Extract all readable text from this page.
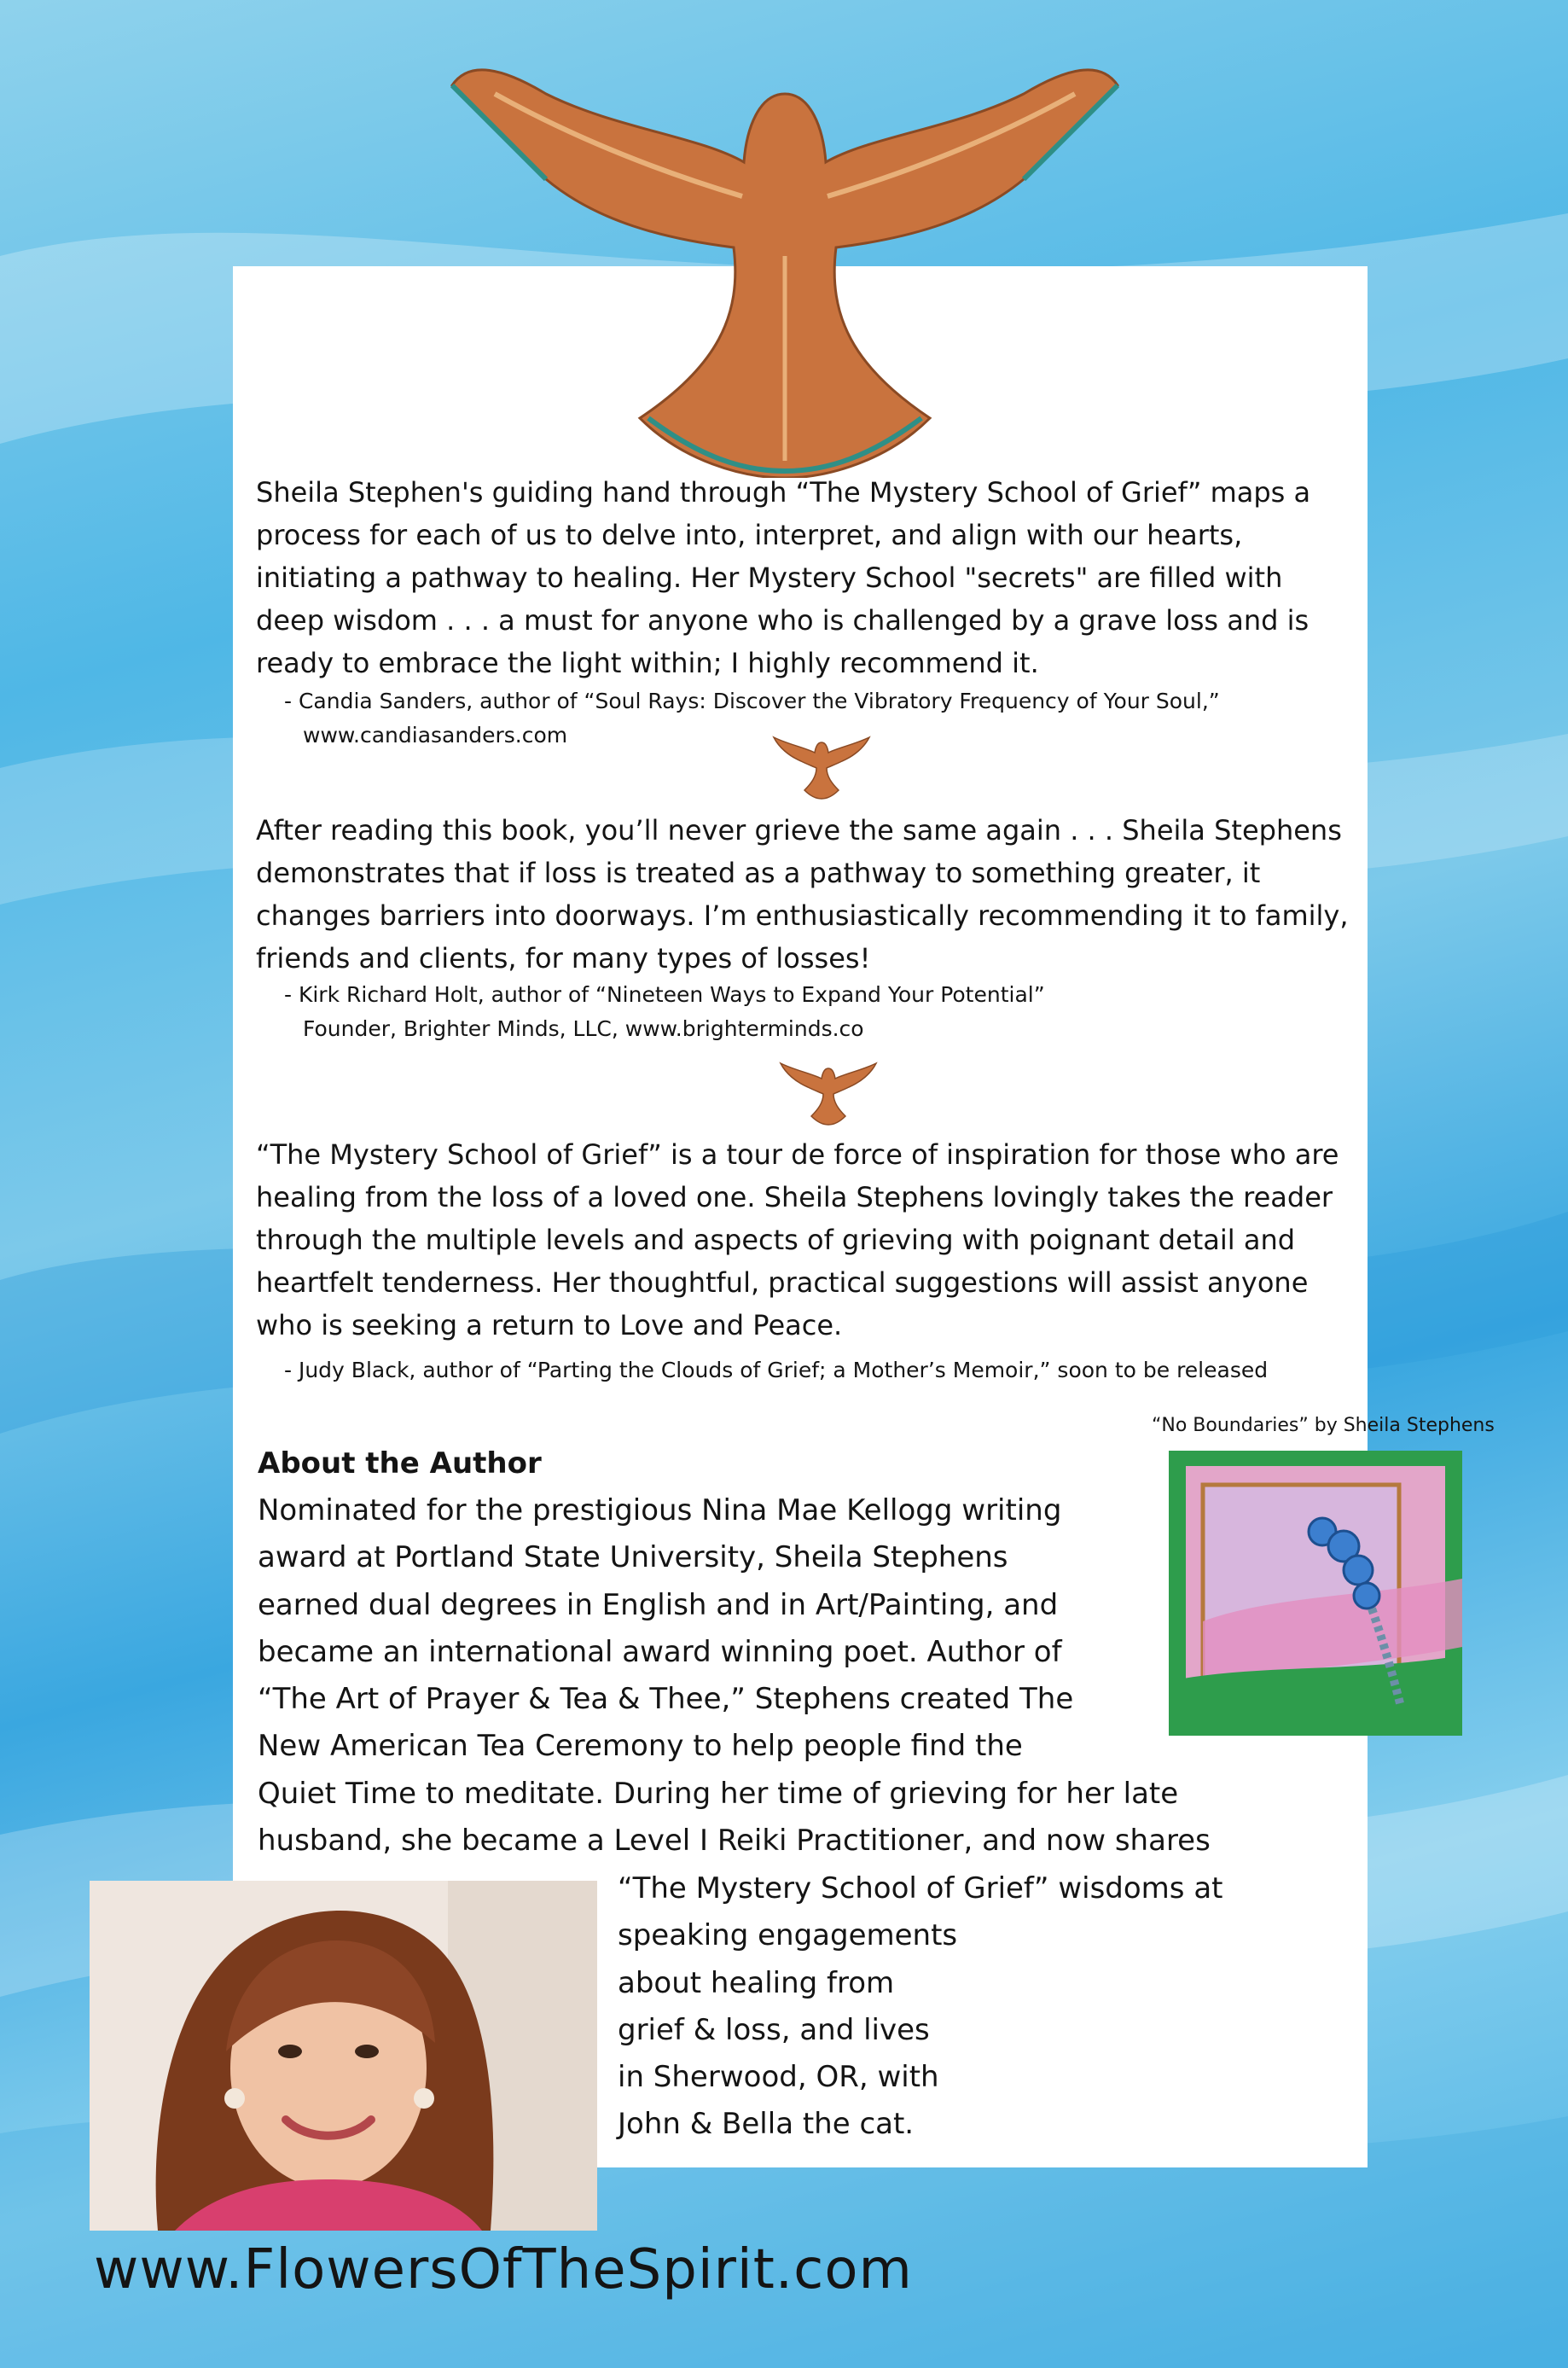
Sheila Stephen's guiding hand through “The Mystery School of Grief” maps a process for each of us to delve into, interpret, and align with our hearts, initiating a pathway to healing. Her Mystery School "secrets" are filled with deep wisdom . . . a must for anyone who is challenged by a grave loss and is ready to embrace the light within; I highly recommend it.

- Candia Sanders, author of “Soul Rays: Discover the Vibratory Frequency of Your Soul,”
www.candiasanders.com

After reading this book, you’ll never grieve the same again . . . Sheila Stephens demonstrates that if loss is treated as a pathway to something greater, it changes barriers into doorways. I’m enthusiastically recommending it to family, friends and clients, for many types of losses!

- Kirk Richard Holt, author of “Nineteen Ways to Expand Your Potential”
Founder, Brighter Minds, LLC, www.brighterminds.co

“The Mystery School of Grief” is a tour de force of inspiration for those who are healing from the loss of a loved one. Sheila Stephens lovingly takes the reader through the multiple levels and aspects of grieving with poignant detail and heartfelt tenderness. Her thoughtful, practical suggestions will assist anyone who is seeking a return to Love and Peace.

- Judy Black, author of “Parting the Clouds of Grief; a Mother’s Memoir,” soon to be released

“No Boundaries” by Sheila Stephens

About the Author

Nominated for the prestigious Nina Mae Kellogg writing
award at Portland State University, Sheila Stephens
earned dual degrees in English and in Art/Painting, and
became an international award winning poet. Author of
“The Art of Prayer & Tea & Thee,” Stephens created The
New American Tea Ceremony to help people find the
Quiet Time to meditate. During her time of grieving for her late
husband, she became a Level I Reiki Practitioner, and now shares

“The Mystery School of Grief” wisdoms at
speaking engagements
about healing from
grief & loss, and lives
in Sherwood, OR, with
John & Bella the cat.

www.FlowersOfTheSpirit.com
